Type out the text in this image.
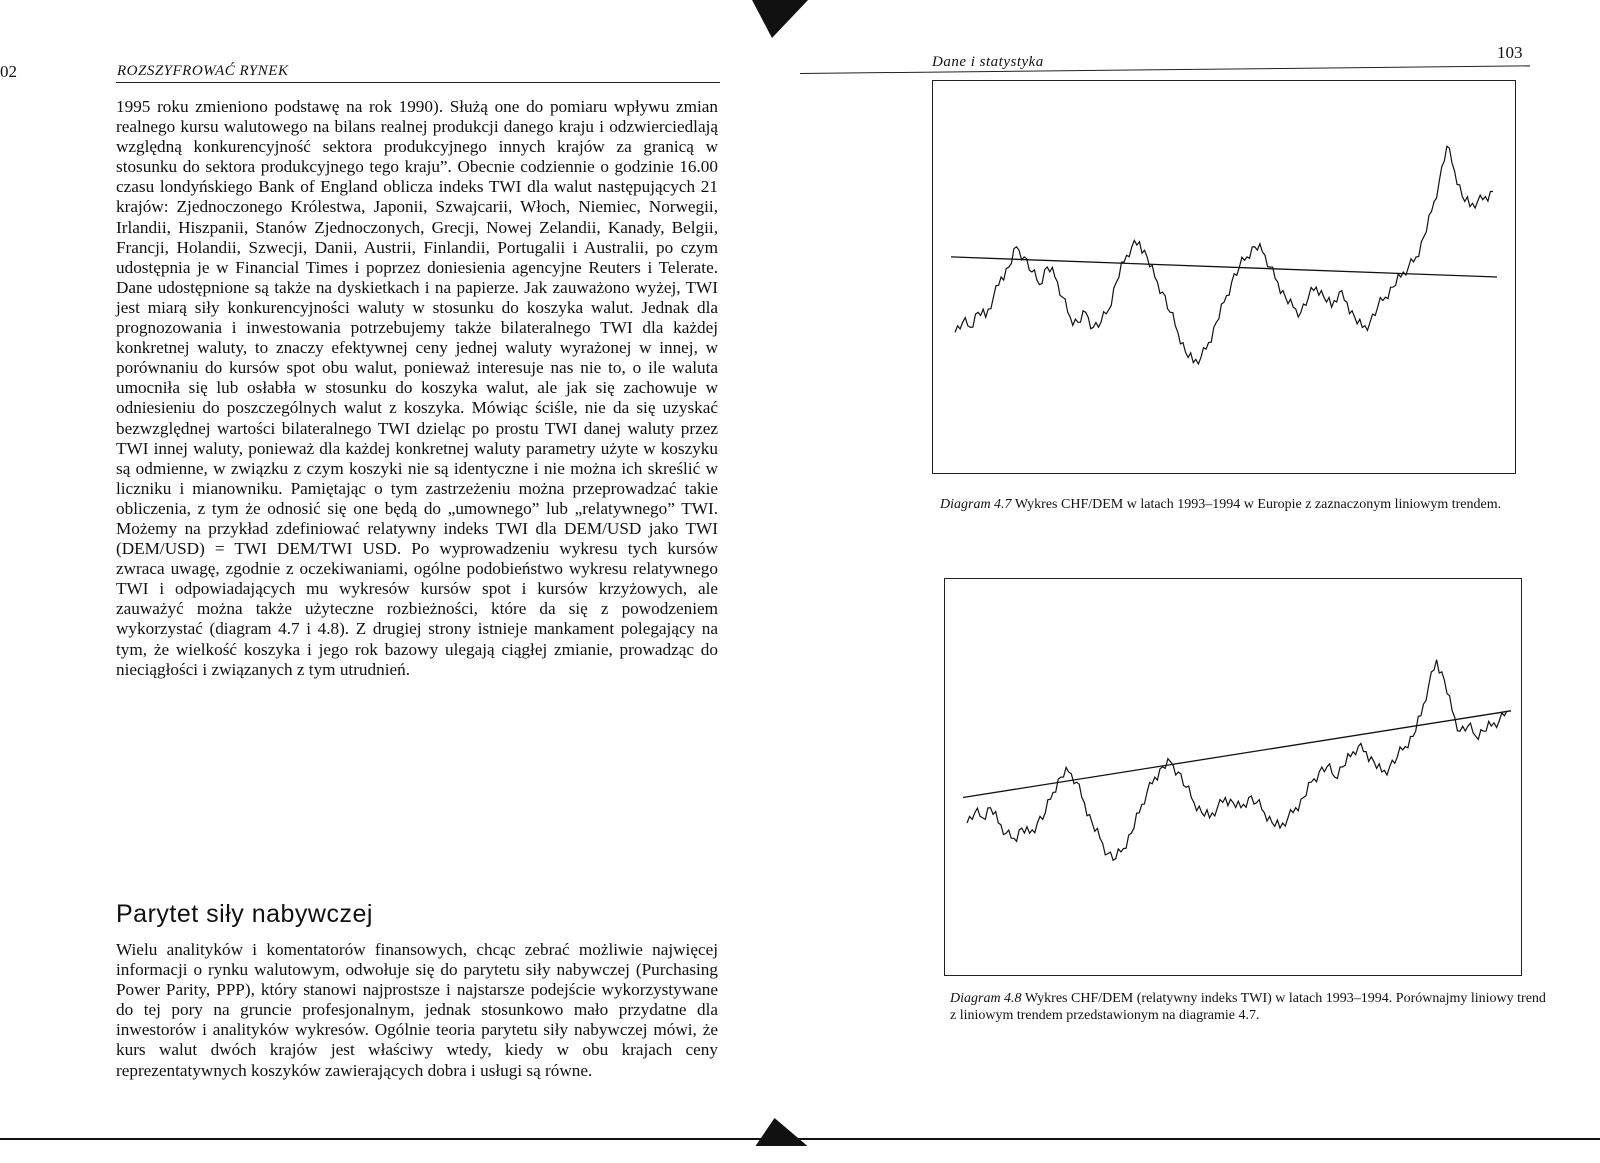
02	ROZSZYFROWAĆ RYNEK

1995 roku zmieniono podstawę na rok 1990). Służą one do pomiaru wpływu zmian realnego kursu walutowego na bilans realnej produkcji danego kraju i odzwierciedlają względną konkurencyjność sektora produkcyjnego innych krajów za granicą w stosunku do sektora produkcyjnego tego kraju”. Obecnie codziennie o godzinie 16.00 czasu londyńskiego Bank of England oblicza indeks TWI dla walut następujących 21 krajów: Zjednoczonego Królestwa, Japonii, Szwajcarii, Włoch, Niemiec, Norwegii, Irlandii, Hiszpanii, Stanów Zjednoczonych, Grecji, Nowej Zelandii, Kanady, Belgii, Francji, Holandii, Szwecji, Danii, Austrii, Finlandii, Portugalii i Australii, po czym udostępnia je w Financial Times i poprzez doniesienia agencyjne Reuters i Telerate. Dane udostępnione są także na dyskietkach i na papierze. Jak zauważono wyżej, TWI jest miarą siły konkurencyjności waluty w stosunku do koszyka walut. Jednak dla prognozowania i inwestowania potrzebujemy także bilateralnego TWI dla każdej konkretnej waluty, to znaczy efektywnej ceny jednej waluty wyrażonej w innej, w porównaniu do kursów spot obu walut, ponieważ interesuje nas nie to, o ile waluta umocniła się lub osłabła w stosunku do koszyka walut, ale jak się zachowuje w odniesieniu do poszczególnych walut z koszyka. Mówiąc ściśle, nie da się uzyskać bezwzględnej wartości bilateralnego TWI dzieląc po prostu TWI danej waluty przez TWI innej waluty, ponieważ dla każdej konkretnej waluty parametry użyte w koszyku są odmienne, w związku z czym koszyki nie są identyczne i nie można ich skreślić w liczniku i mianowniku. Pamiętając o tym zastrzeżeniu można przeprowadzać takie obliczenia, z tym że odnosić się one będą do „umownego” lub „relatywnego” TWI. Możemy na przykład zdefiniować relatywny indeks TWI dla DEM/USD jako TWI (DEM/USD) = TWI DEM/TWI USD. Po wyprowadzeniu wykresu tych kursów zwraca uwagę, zgodnie z oczekiwaniami, ogólne podobieństwo wykresu relatywnego TWI i odpowiadających mu wykresów kursów spot i kursów krzyżowych, ale zauważyć można także użyteczne rozbieżności, które da się z powodzeniem wykorzystać (diagram 4.7 i 4.8). Z drugiej strony istnieje mankament polegający na tym, że wielkość koszyka i jego rok bazowy ulegają ciągłej zmianie, prowadząc do nieciągłości i związanych z tym utrudnień.

Parytet siły nabywczej

Wielu analityków i komentatorów finansowych, chcąc zebrać możliwie najwięcej informacji o rynku walutowym, odwołuje się do parytetu siły nabywczej (Purchasing Power Parity, PPP), który stanowi najprostsze i najstarsze podejście wykorzystywane do tej pory na gruncie profesjonalnym, jednak stosunkowo mało przydatne dla inwestorów i analityków wykresów. Ogólnie teoria parytetu siły nabywczej mówi, że kurs walut dwóch krajów jest właściwy wtedy, kiedy w obu krajach ceny reprezentatywnych koszyków zawierających dobra i usługi są równe.

103
Dane i statystyka
Diagram 4.7 Wykres CHF/DEM w latach 1993–1994 w Europie z zaznaczonym liniowym trendem.
Diagram 4.8 Wykres CHF/DEM (relatywny indeks TWI) w latach 1993–1994. Porównajmy liniowy trend z liniowym trendem przedstawionym na diagramie 4.7.
